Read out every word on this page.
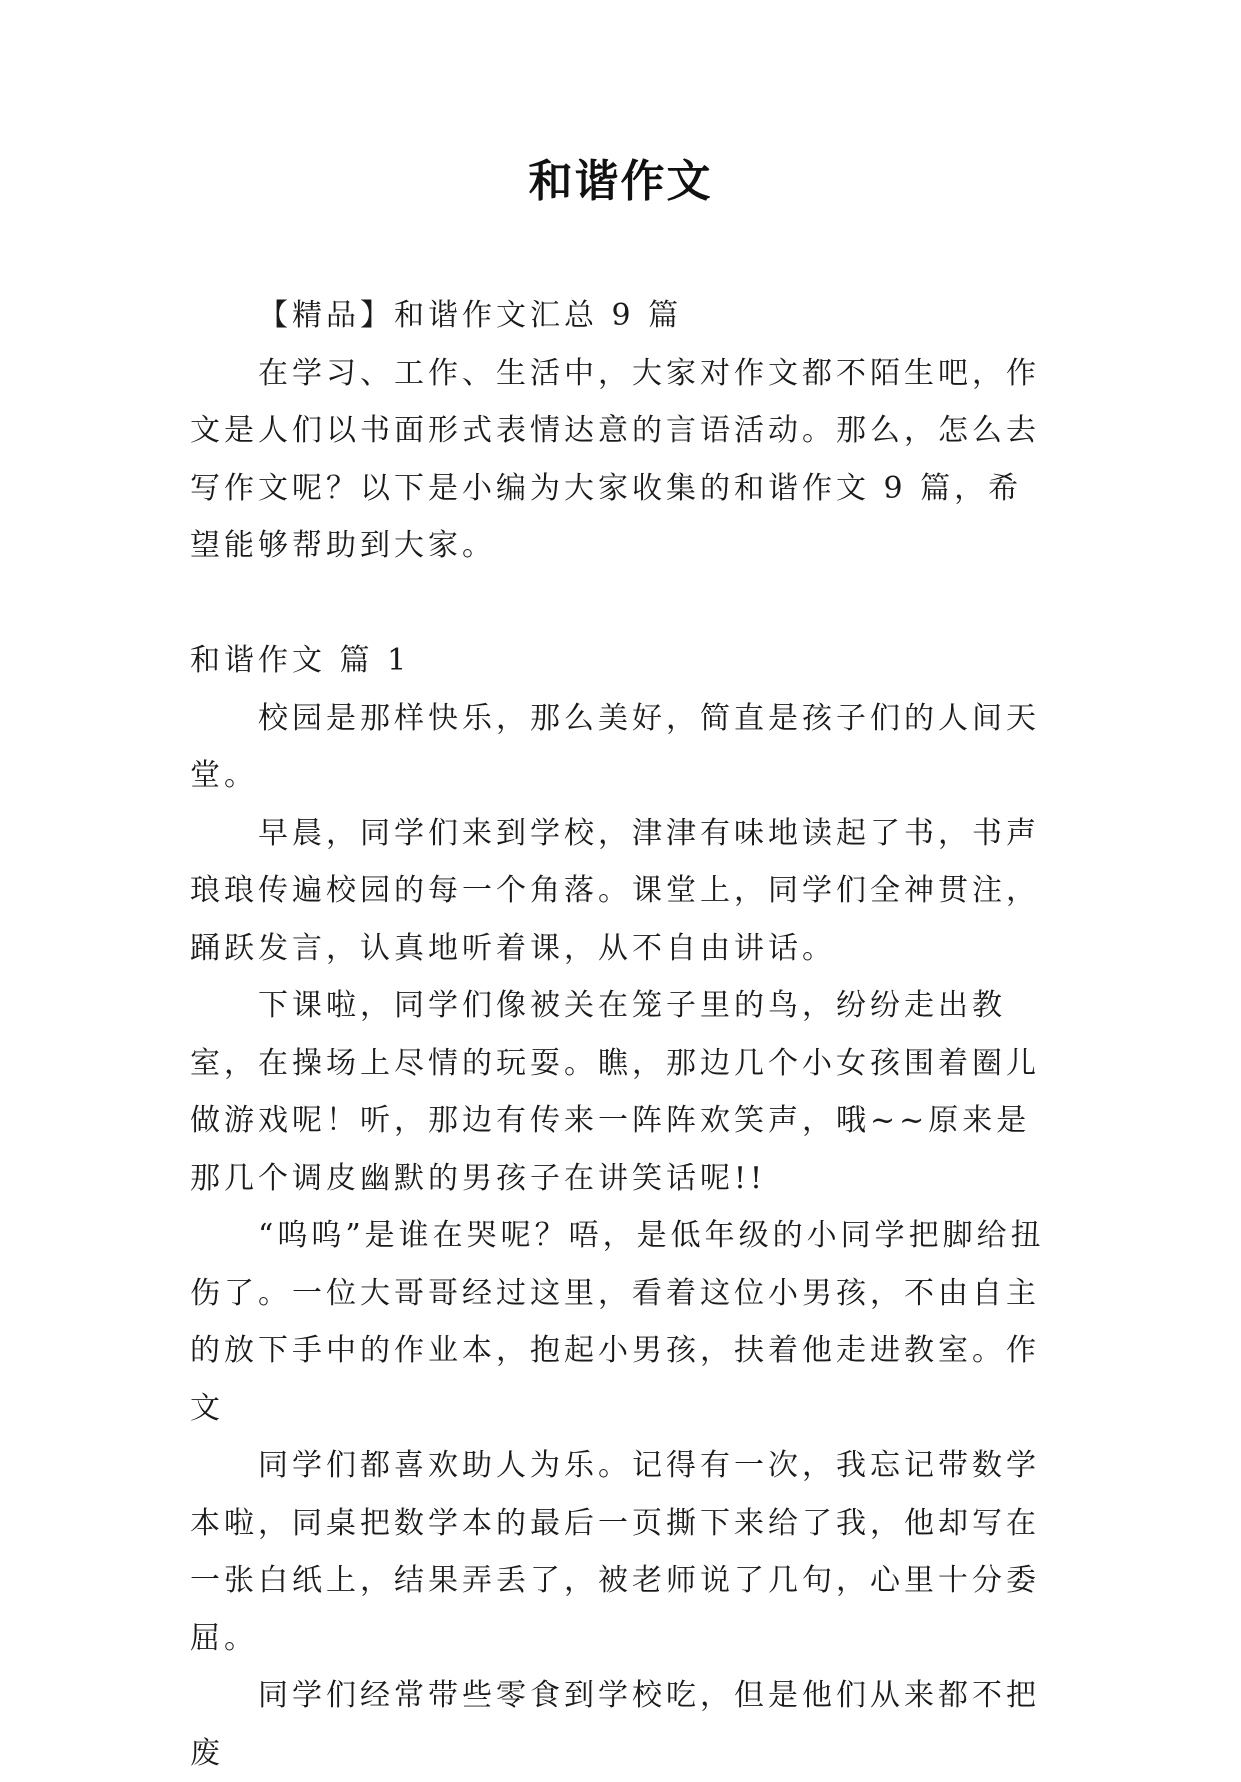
和谐作文

【精品】和谐作文汇总 9 篇

在学习、工作、生活中，大家对作文都不陌生吧，作文是人们以书面形式表情达意的言语活动。那么，怎么去写作文呢？以下是小编为大家收集的和谐作文 9 篇，希望能够帮助到大家。

和谐作文 篇 1

校园是那样快乐，那么美好，简直是孩子们的人间天堂。

早晨，同学们来到学校，津津有味地读起了书，书声琅琅传遍校园的每一个角落。课堂上，同学们全神贯注，踊跃发言，认真地听着课，从不自由讲话。

下课啦，同学们像被关在笼子里的鸟，纷纷走出教室，在操场上尽情的玩耍。瞧，那边几个小女孩围着圈儿做游戏呢！听，那边有传来一阵阵欢笑声，哦~~原来是那几个调皮幽默的男孩子在讲笑话呢!!

“呜呜”是谁在哭呢？唔，是低年级的小同学把脚给扭伤了。一位大哥哥经过这里，看着这位小男孩，不由自主的放下手中的作业本，抱起小男孩，扶着他走进教室。作文

同学们都喜欢助人为乐。记得有一次，我忘记带数学本啦，同桌把数学本的最后一页撕下来给了我，他却写在一张白纸上，结果弄丢了，被老师说了几句，心里十分委屈。

同学们经常带些零食到学校吃，但是他们从来都不把废
